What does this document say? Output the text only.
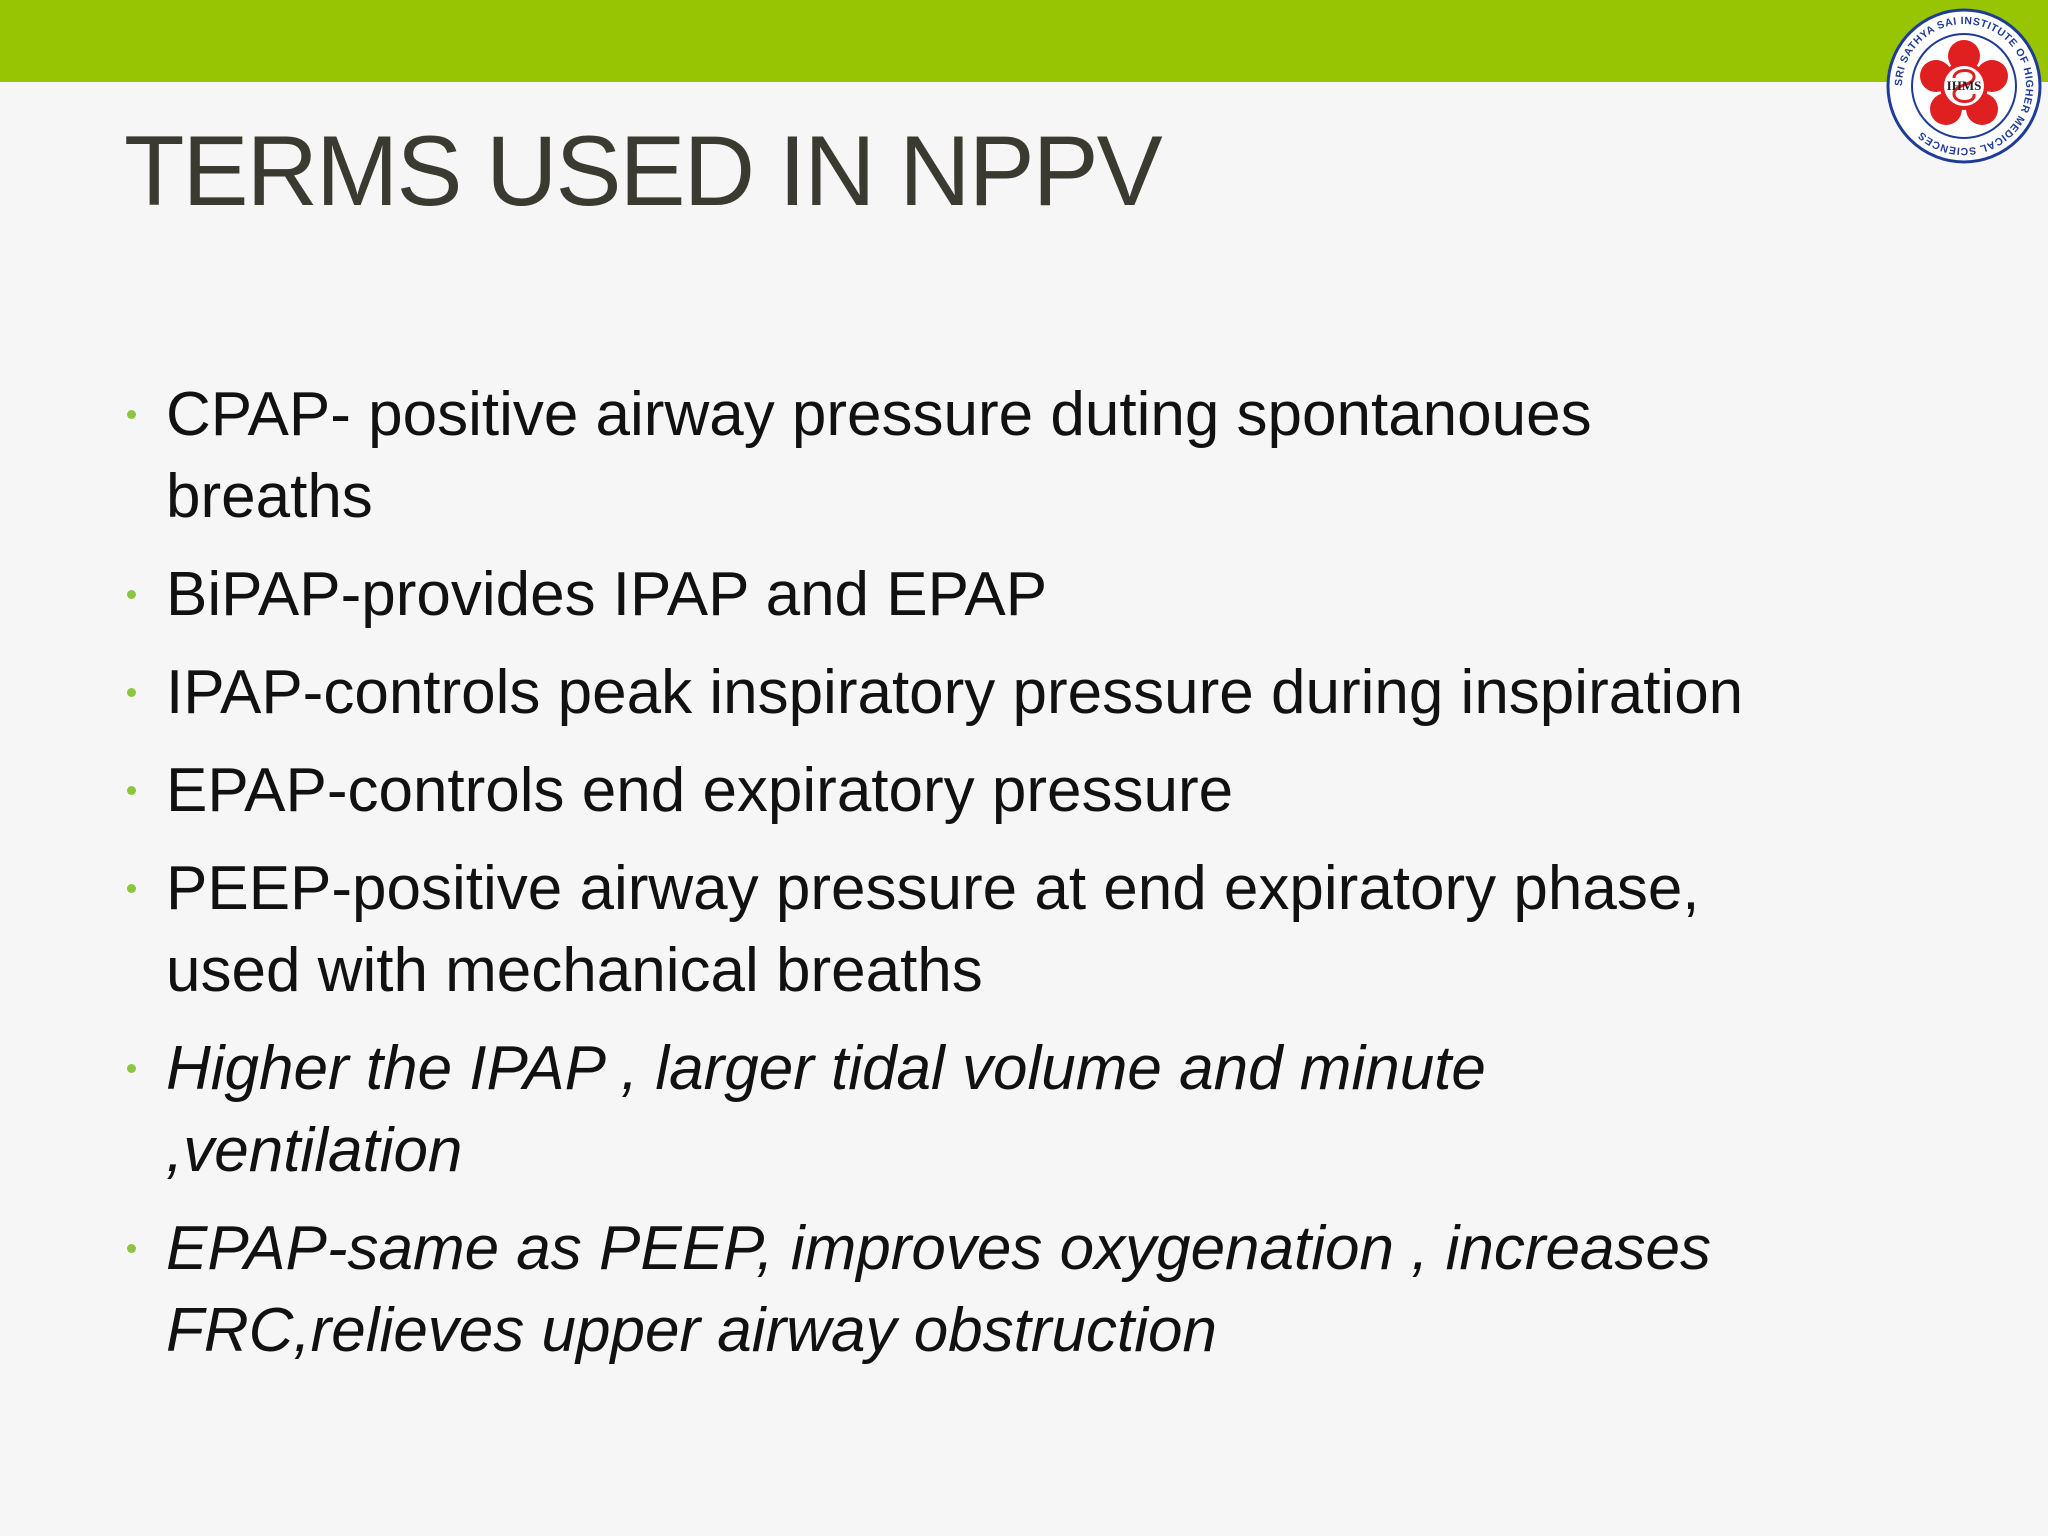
SRI SATHYA SAI INSTITUTE OF HIGHER MEDICAL SCIENCES
IHMS
TERMS USED IN NPPV
CPAP- positive airway pressure duting spontanoues
breaths
BiPAP-provides IPAP and EPAP
IPAP-controls peak inspiratory pressure during inspiration
EPAP-controls end expiratory pressure
PEEP-positive airway pressure at end expiratory phase,
used with mechanical breaths
Higher the IPAP , larger tidal volume and minute
,ventilation
EPAP-same as PEEP, improves oxygenation , increases
FRC,relieves upper airway obstruction
